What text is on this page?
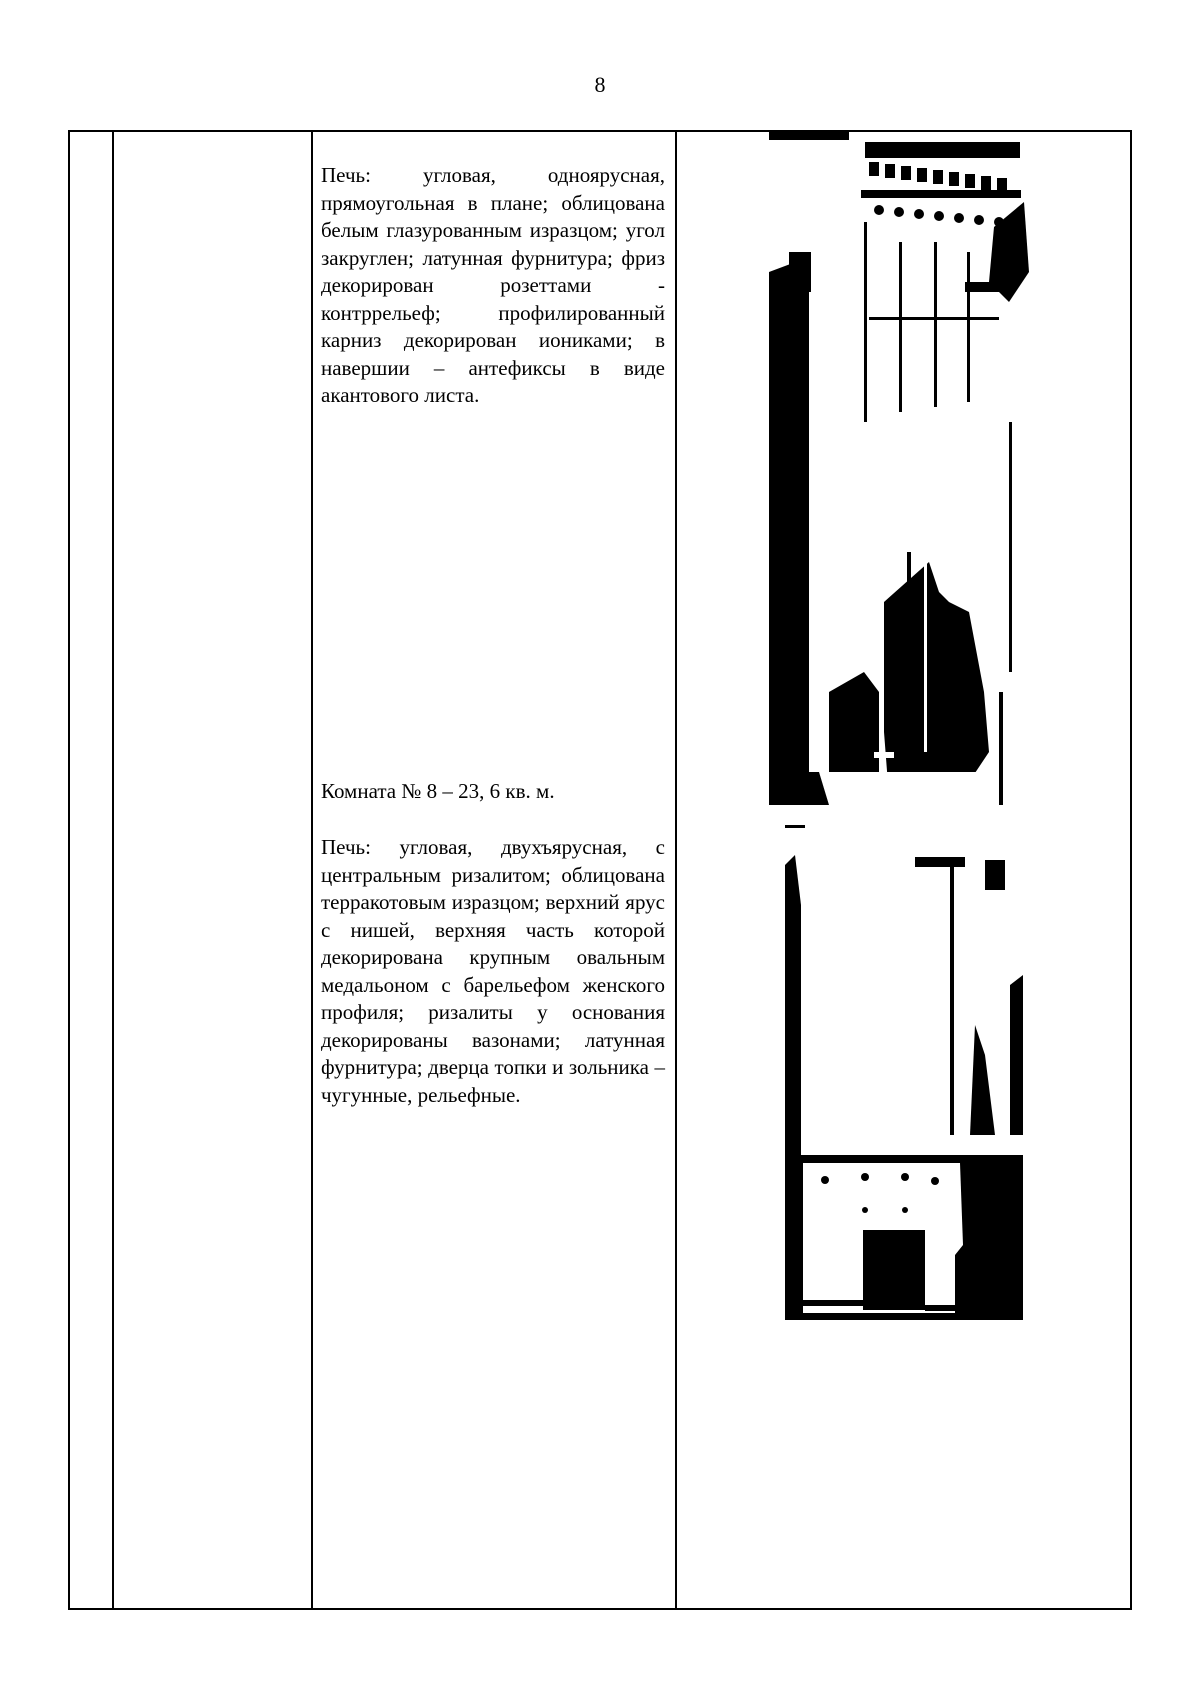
8
Печь: угловая, одноярусная, прямоугольная в плане; облицована белым глазурованным изразцом; угол закруглен; латунная фурнитура; фриз декорирован розеттами - контррельеф; профилированный карниз декорирован иониками; в навершии – антефиксы в виде акантового листа.
Комната № 8 – 23, 6 кв. м.
Печь: угловая, двухъярусная, с центральным ризалитом; облицована терракотовым изразцом; верхний ярус с нишей, верхняя часть которой декорирована крупным овальным медальоном с барельефом женского профиля; ризалиты у основания декорированы вазонами; латунная фурнитура; дверца топки и зольника – чугунные, рельефные.
